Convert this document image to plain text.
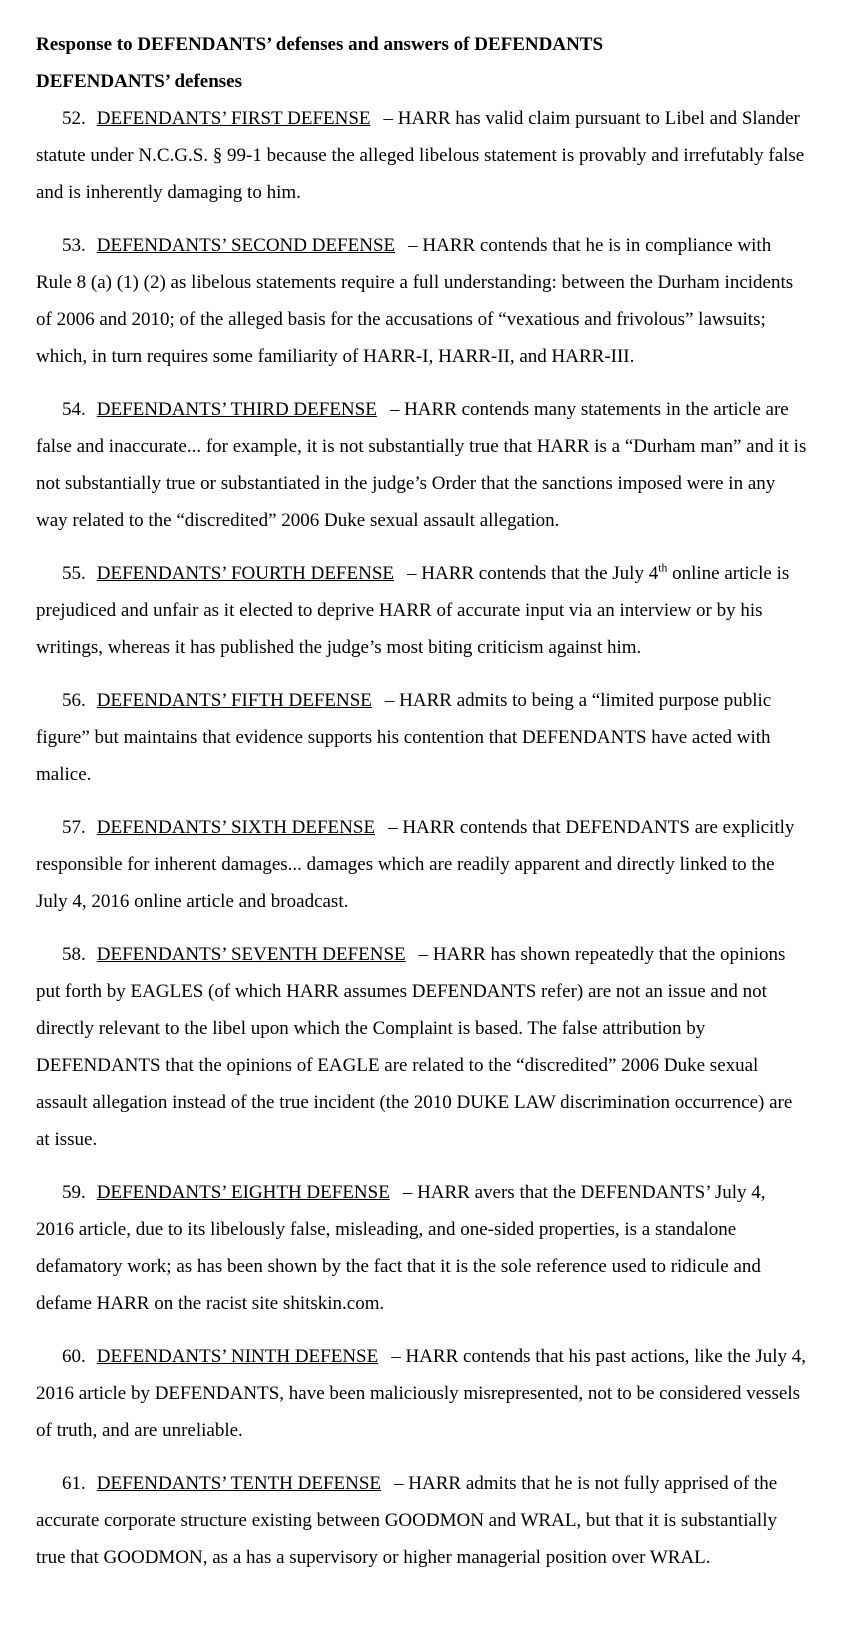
Response to DEFENDANTS’ defenses and answers of DEFENDANTS

DEFENDANTS’ defenses

52. DEFENDANTS’ FIRST DEFENSE – HARR has valid claim pursuant to Libel and Slander statute under N.C.G.S. § 99-1 because the alleged libelous statement is provably and irrefutably false and is inherently damaging to him.

53. DEFENDANTS’ SECOND DEFENSE – HARR contends that he is in compliance with Rule 8 (a) (1) (2) as libelous statements require a full understanding: between the Durham incidents of 2006 and 2010; of the alleged basis for the accusations of “vexatious and frivolous” lawsuits; which, in turn requires some familiarity of HARR-I, HARR-II, and HARR-III.

54. DEFENDANTS’ THIRD DEFENSE – HARR contends many statements in the article are false and inaccurate... for example, it is not substantially true that HARR is a “Durham man” and it is not substantially true or substantiated in the judge’s Order that the sanctions imposed were in any way related to the “discredited” 2006 Duke sexual assault allegation.

55. DEFENDANTS’ FOURTH DEFENSE – HARR contends that the July 4th online article is prejudiced and unfair as it elected to deprive HARR of accurate input via an interview or by his writings, whereas it has published the judge’s most biting criticism against him.

56. DEFENDANTS’ FIFTH DEFENSE – HARR admits to being a “limited purpose public figure” but maintains that evidence supports his contention that DEFENDANTS have acted with malice.

57. DEFENDANTS’ SIXTH DEFENSE – HARR contends that DEFENDANTS are explicitly responsible for inherent damages... damages which are readily apparent and directly linked to the July 4, 2016 online article and broadcast.

58. DEFENDANTS’ SEVENTH DEFENSE – HARR has shown repeatedly that the opinions put forth by EAGLES (of which HARR assumes DEFENDANTS refer) are not an issue and not directly relevant to the libel upon which the Complaint is based. The false attribution by DEFENDANTS that the opinions of EAGLE are related to the “discredited” 2006 Duke sexual assault allegation instead of the true incident (the 2010 DUKE LAW discrimination occurrence) are at issue.

59. DEFENDANTS’ EIGHTH DEFENSE – HARR avers that the DEFENDANTS’ July 4, 2016 article, due to its libelously false, misleading, and one-sided properties, is a standalone defamatory work; as has been shown by the fact that it is the sole reference used to ridicule and defame HARR on the racist site shitskin.com.

60. DEFENDANTS’ NINTH DEFENSE – HARR contends that his past actions, like the July 4, 2016 article by DEFENDANTS, have been maliciously misrepresented, not to be considered vessels of truth, and are unreliable.

61. DEFENDANTS’ TENTH DEFENSE – HARR admits that he is not fully apprised of the accurate corporate structure existing between GOODMON and WRAL, but that it is substantially true that GOODMON, as a has a supervisory or higher managerial position over WRAL.
